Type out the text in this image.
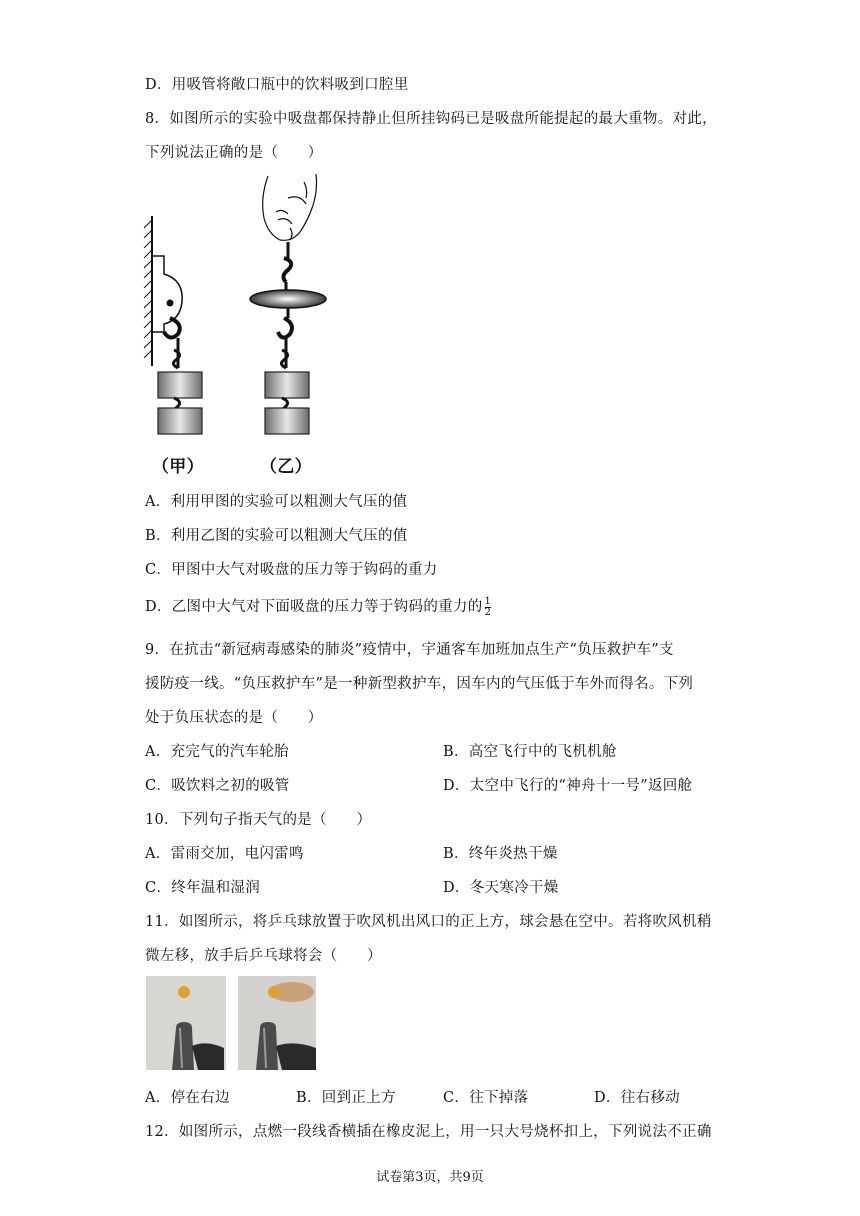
D．用吸管将敞口瓶中的饮料吸到口腔里
8．如图所示的实验中吸盘都保持静止但所挂钩码已是吸盘所能提起的最大重物。对此，
下列说法正确的是（　　）
（甲）	（乙）
A．利用甲图的实验可以粗测大气压的值
B．利用乙图的实验可以粗测大气压的值
C．甲图中大气对吸盘的压力等于钩码的重力
D．乙图中大气对下面吸盘的压力等于钩码的重力的 $\frac{1}{2}$
9．在抗击“新冠病毒感染的肺炎”疫情中，宇通客车加班加点生产“负压救护车”支
援防疫一线。“负压救护车”是一种新型救护车，因车内的气压低于车外而得名。下列
处于负压状态的是（　　）
A．充完气的汽车轮胎	B．高空飞行中的飞机机舱
C．吸饮料之初的吸管	D．太空中飞行的“神舟十一号”返回舱
10．下列句子指天气的是（　　）
A．雷雨交加，电闪雷鸣	B．终年炎热干燥
C．终年温和湿润	D．冬天寒冷干燥
11．如图所示，将乒乓球放置于吹风机出风口的正上方，球会悬在空中。若将吹风机稍
微左移，放手后乒乓球将会（　　）
A．停在右边	B．回到正上方	C．往下掉落	D．往右移动
12．如图所示，点燃一段线香横插在橡皮泥上，用一只大号烧杯扣上，下列说法不正确
试卷第3页，共9页
